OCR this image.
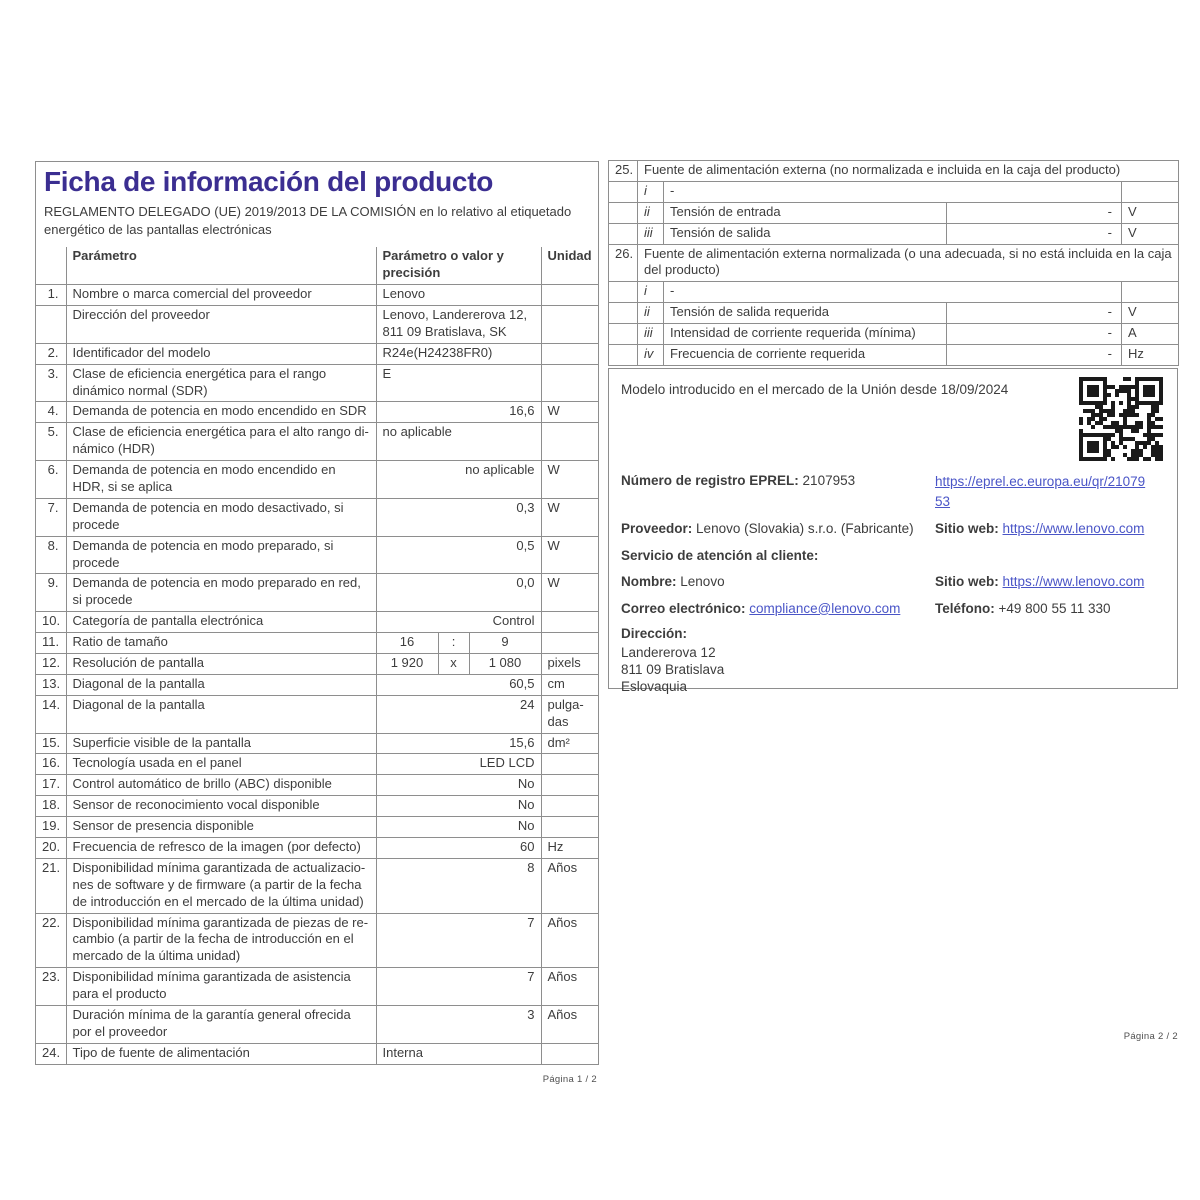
Ficha de información del producto
REGLAMENTO DELEGADO (UE) 2019/2013 DE LA COMISIÓN en lo relativo al etiquetado energético de las pantallas electrónicas
	Parámetro	Parámetro o valor y precisión			Unidad
1.	Nombre o marca comercial del proveedor	Lenovo			
	Dirección del proveedor	Lenovo, Landererova 12, 811 09 Bratislava, SK			
2.	Identificador del modelo	R24e(H24238FR0)			
3.	Clase de eficiencia energética para el rango dinámico normal (SDR)	E			
4.	Demanda de potencia en modo encendido en SDR	16,6			W
5.	Clase de eficiencia energética para el alto rango dinámico (HDR)	no aplicable			
6.	Demanda de potencia en modo encendido en HDR, si se aplica	no aplicable			W
7.	Demanda de potencia en modo desactivado, si procede	0,3			W
8.	Demanda de potencia en modo preparado, si procede	0,5			W
9.	Demanda de potencia en modo preparado en red, si procede	0,0			W
10.	Categoría de pantalla electrónica	Control			
11.	Ratio de tamaño	16	:	9	
12.	Resolución de pantalla	1 920	x	1 080	pixels
13.	Diagonal de la pantalla	60,5			cm
14.	Diagonal de la pantalla	24			pulgadas
15.	Superficie visible de la pantalla	15,6			dm²
16.	Tecnología usada en el panel	LED LCD			
17.	Control automático de brillo (ABC) disponible	No			
18.	Sensor de reconocimiento vocal disponible	No			
19.	Sensor de presencia disponible	No			
20.	Frecuencia de refresco de la imagen (por defecto)	60			Hz
21.	Disponibilidad mínima garantizada de actualizaciones de software y de firmware (a partir de la fecha de introducción en el mercado de la última unidad)	8			Años
22.	Disponibilidad mínima garantizada de piezas de recambio (a partir de la fecha de introducción en el mercado de la última unidad)	7			Años
23.	Disponibilidad mínima garantizada de asistencia para el producto	7			Años
	Duración mínima de la garantía general ofrecida por el proveedor	3			Años
24.	Tipo de fuente de alimentación	Interna			
Página 1 / 2
25.	Fuente de alimentación externa (no normalizada e incluida en la caja del producto)			
	i	-		
	ii	Tensión de entrada	-	V
	iii	Tensión de salida	-	V
26.	Fuente de alimentación externa normalizada (o una adecuada, si no está incluida en la caja del producto)			
	i	-		
	ii	Tensión de salida requerida	-	V
	iii	Intensidad de corriente requerida (mínima)	-	A
	iv	Frecuencia de corriente requerida	-	Hz
Modelo introducido en el mercado de la Unión desde 18/09/2024
Número de registro EPREL: 2107953	https://eprel.ec.europa.eu/qr/2107953
Proveedor: Lenovo (Slovakia) s.r.o. (Fabricante)	Sitio web: https://www.lenovo.com
Servicio de atención al cliente:
Nombre: Lenovo	Sitio web: https://www.lenovo.com
Correo electrónico: compliance@lenovo.com	Teléfono: +49 800 55 11 330
Dirección:
Landererova 12
811 09 Bratislava
Eslovaquia
Página 2 / 2
